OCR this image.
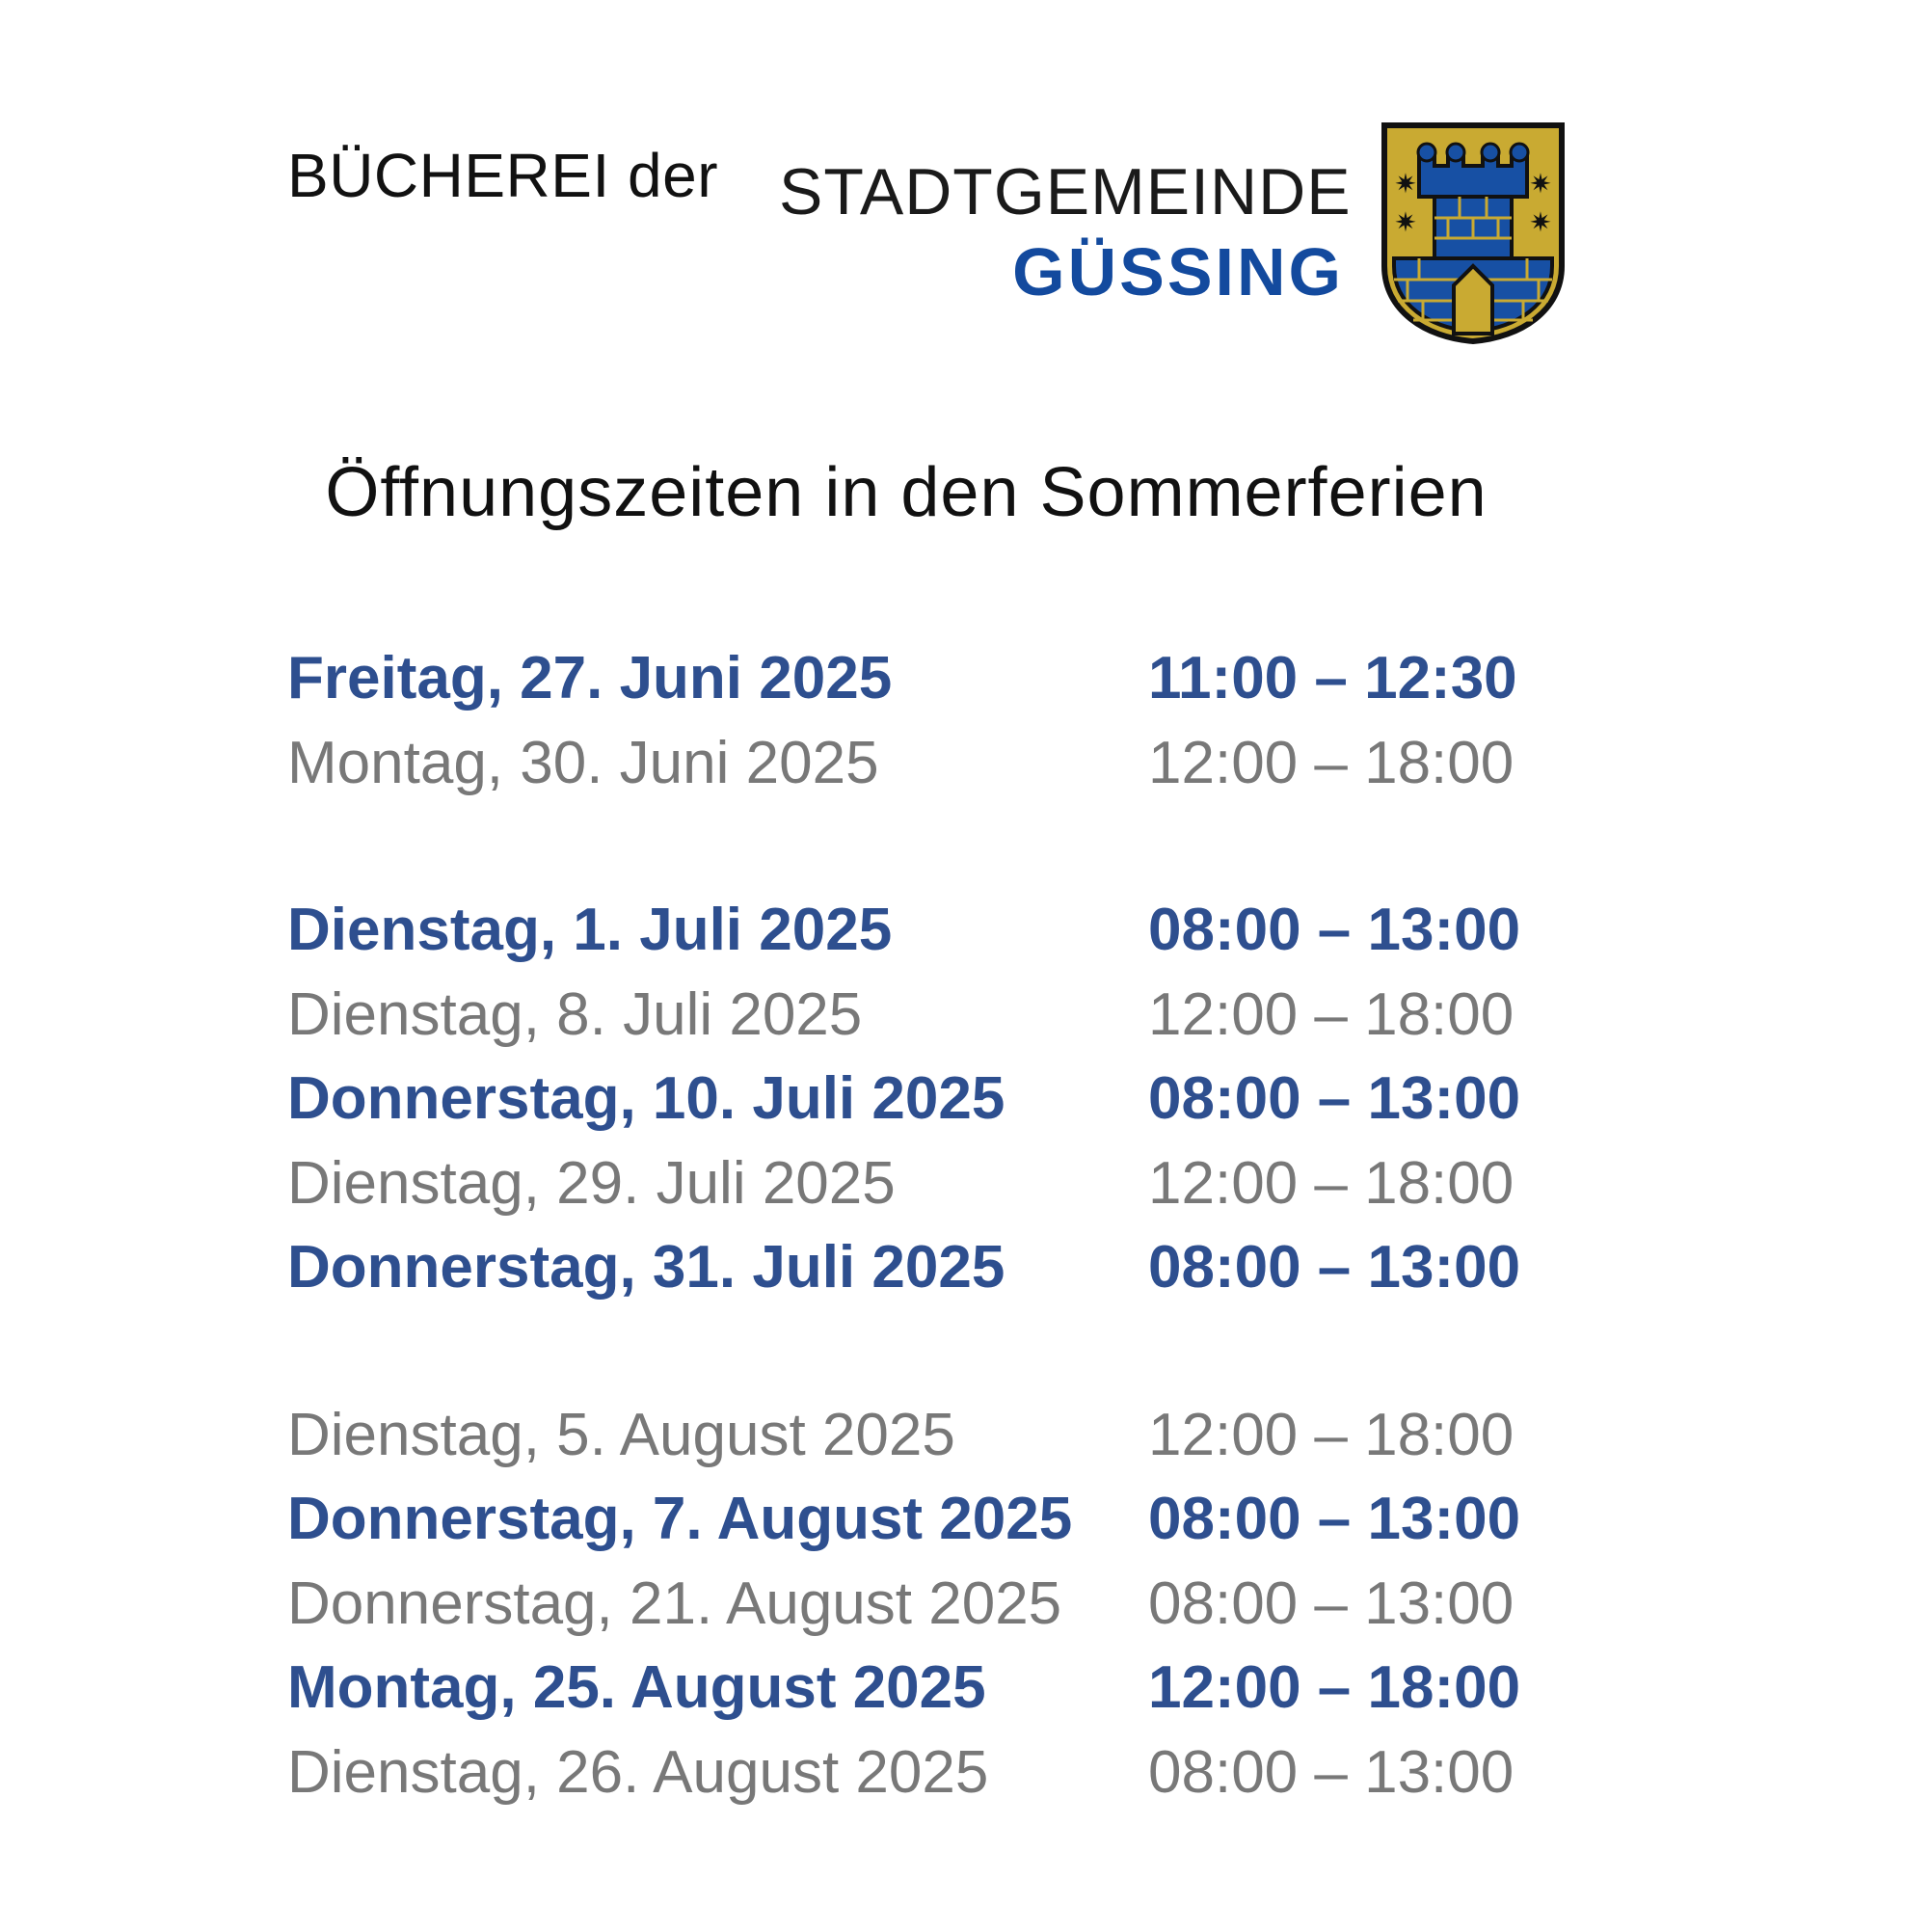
BÜCHEREI der STADTGEMEINDE
GÜSSING
✷	✷
✷	✷
Öffnungszeiten in den Sommerferien
Freitag, 27. Juni 2025	11:00 – 12:30
Montag, 30. Juni 2025	12:00 – 18:00
Dienstag, 1. Juli 2025	08:00 – 13:00
Dienstag, 8. Juli 2025	12:00 – 18:00
Donnerstag, 10. Juli 2025	08:00 – 13:00
Dienstag, 29. Juli 2025	12:00 – 18:00
Donnerstag, 31. Juli 2025	08:00 – 13:00
Dienstag, 5. August 2025	12:00 – 18:00
Donnerstag, 7. August 2025	08:00 – 13:00
Donnerstag, 21. August 2025	08:00 – 13:00
Montag, 25. August 2025	12:00 – 18:00
Dienstag, 26. August 2025	08:00 – 13:00
